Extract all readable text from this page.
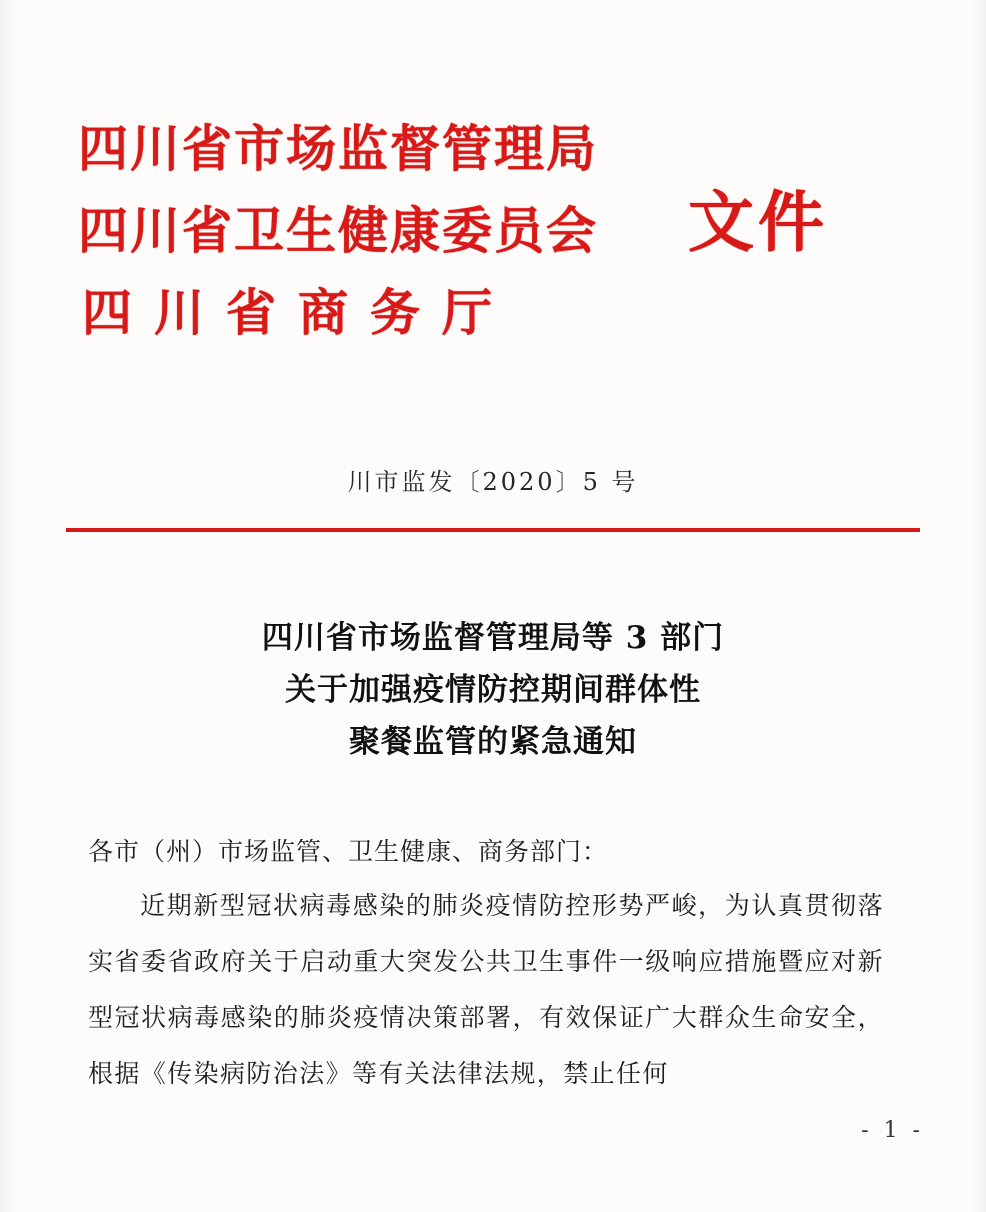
四川省市场监督管理局
四川省卫生健康委员会
四川省商务厅
文件
川市监发〔2020〕5 号
四川省市场监督管理局等 3 部门
关于加强疫情防控期间群体性
聚餐监管的紧急通知
各市（州）市场监管、卫生健康、商务部门：
近期新型冠状病毒感染的肺炎疫情防控形势严峻，为认真贯彻落实省委省政府关于启动重大突发公共卫生事件一级响应措施暨应对新型冠状病毒感染的肺炎疫情决策部署，有效保证广大群众生命安全，根据《传染病防治法》等有关法律法规，禁止任何
- 1 -
